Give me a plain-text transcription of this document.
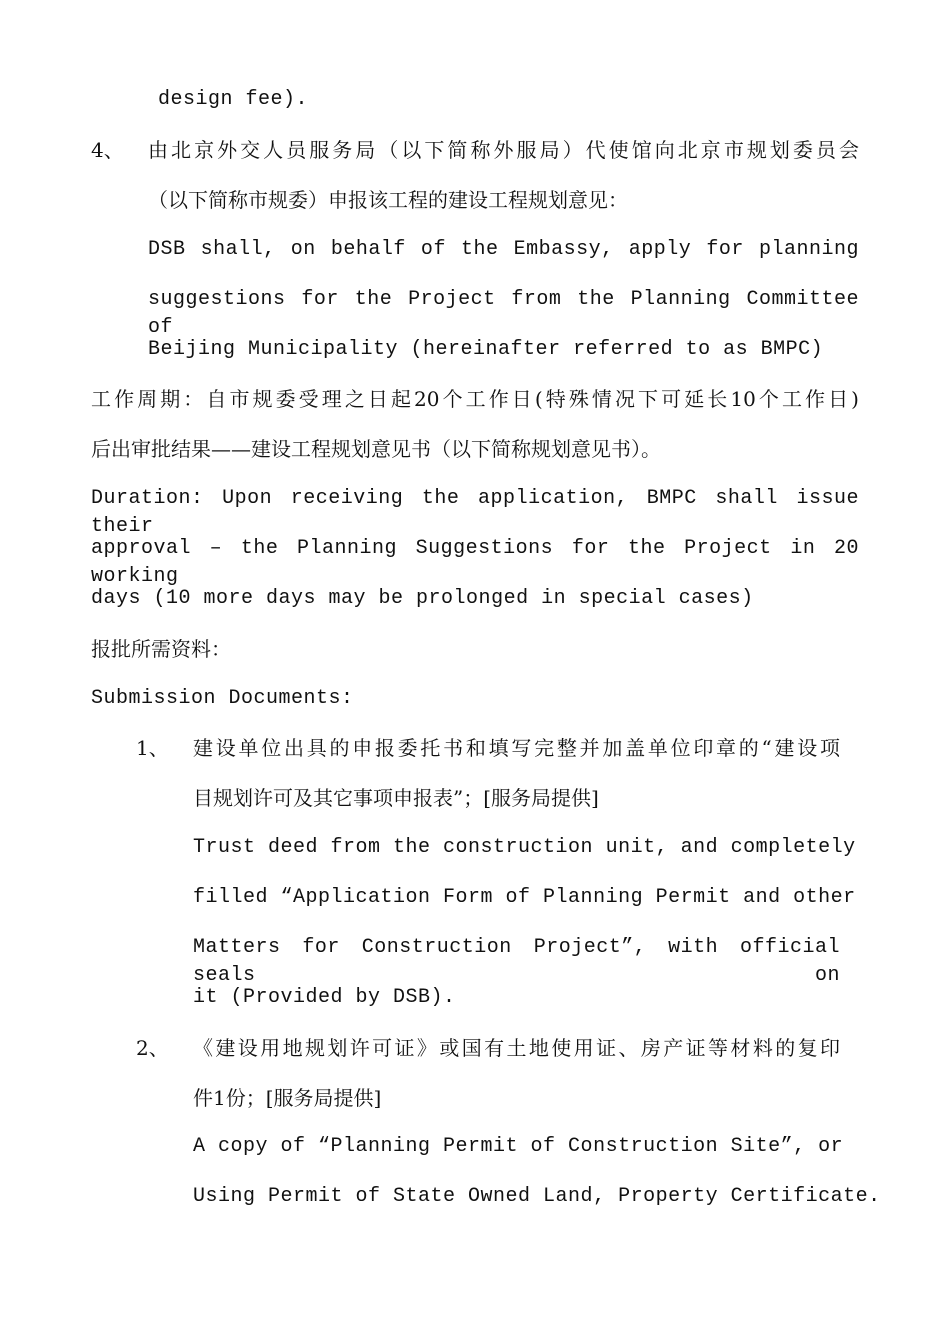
design fee).
4、 由北京外交人员服务局（以下简称外服局）代使馆向北京市规划委员会
（以下简称市规委）申报该工程的建设工程规划意见：
DSB shall, on behalf of the Embassy, apply for planning
suggestions for the Project from the Planning Committee of
Beijing Municipality (hereinafter referred to as BMPC)
工作周期：自市规委受理之日起20个工作日(特殊情况下可延长10个工作日)
后出审批结果——建设工程规划意见书（以下简称规划意见书）。
Duration: Upon receiving the application, BMPC shall issue their
approval – the Planning Suggestions for the Project in 20 working
days (10 more days may be prolonged in special cases)
报批所需资料：
Submission Documents:
1、 建设单位出具的申报委托书和填写完整并加盖单位印章的“建设项
目规划许可及其它事项申报表”；[服务局提供]
Trust deed from the construction unit, and completely
filled “Application Form of Planning Permit and other
Matters for Construction Project”, with official seals on
it (Provided by DSB).
2、 《建设用地规划许可证》或国有土地使用证、房产证等材料的复印
件1份；[服务局提供]
A copy of “Planning Permit of Construction Site”, or
Using Permit of State Owned Land, Property Certificate.
